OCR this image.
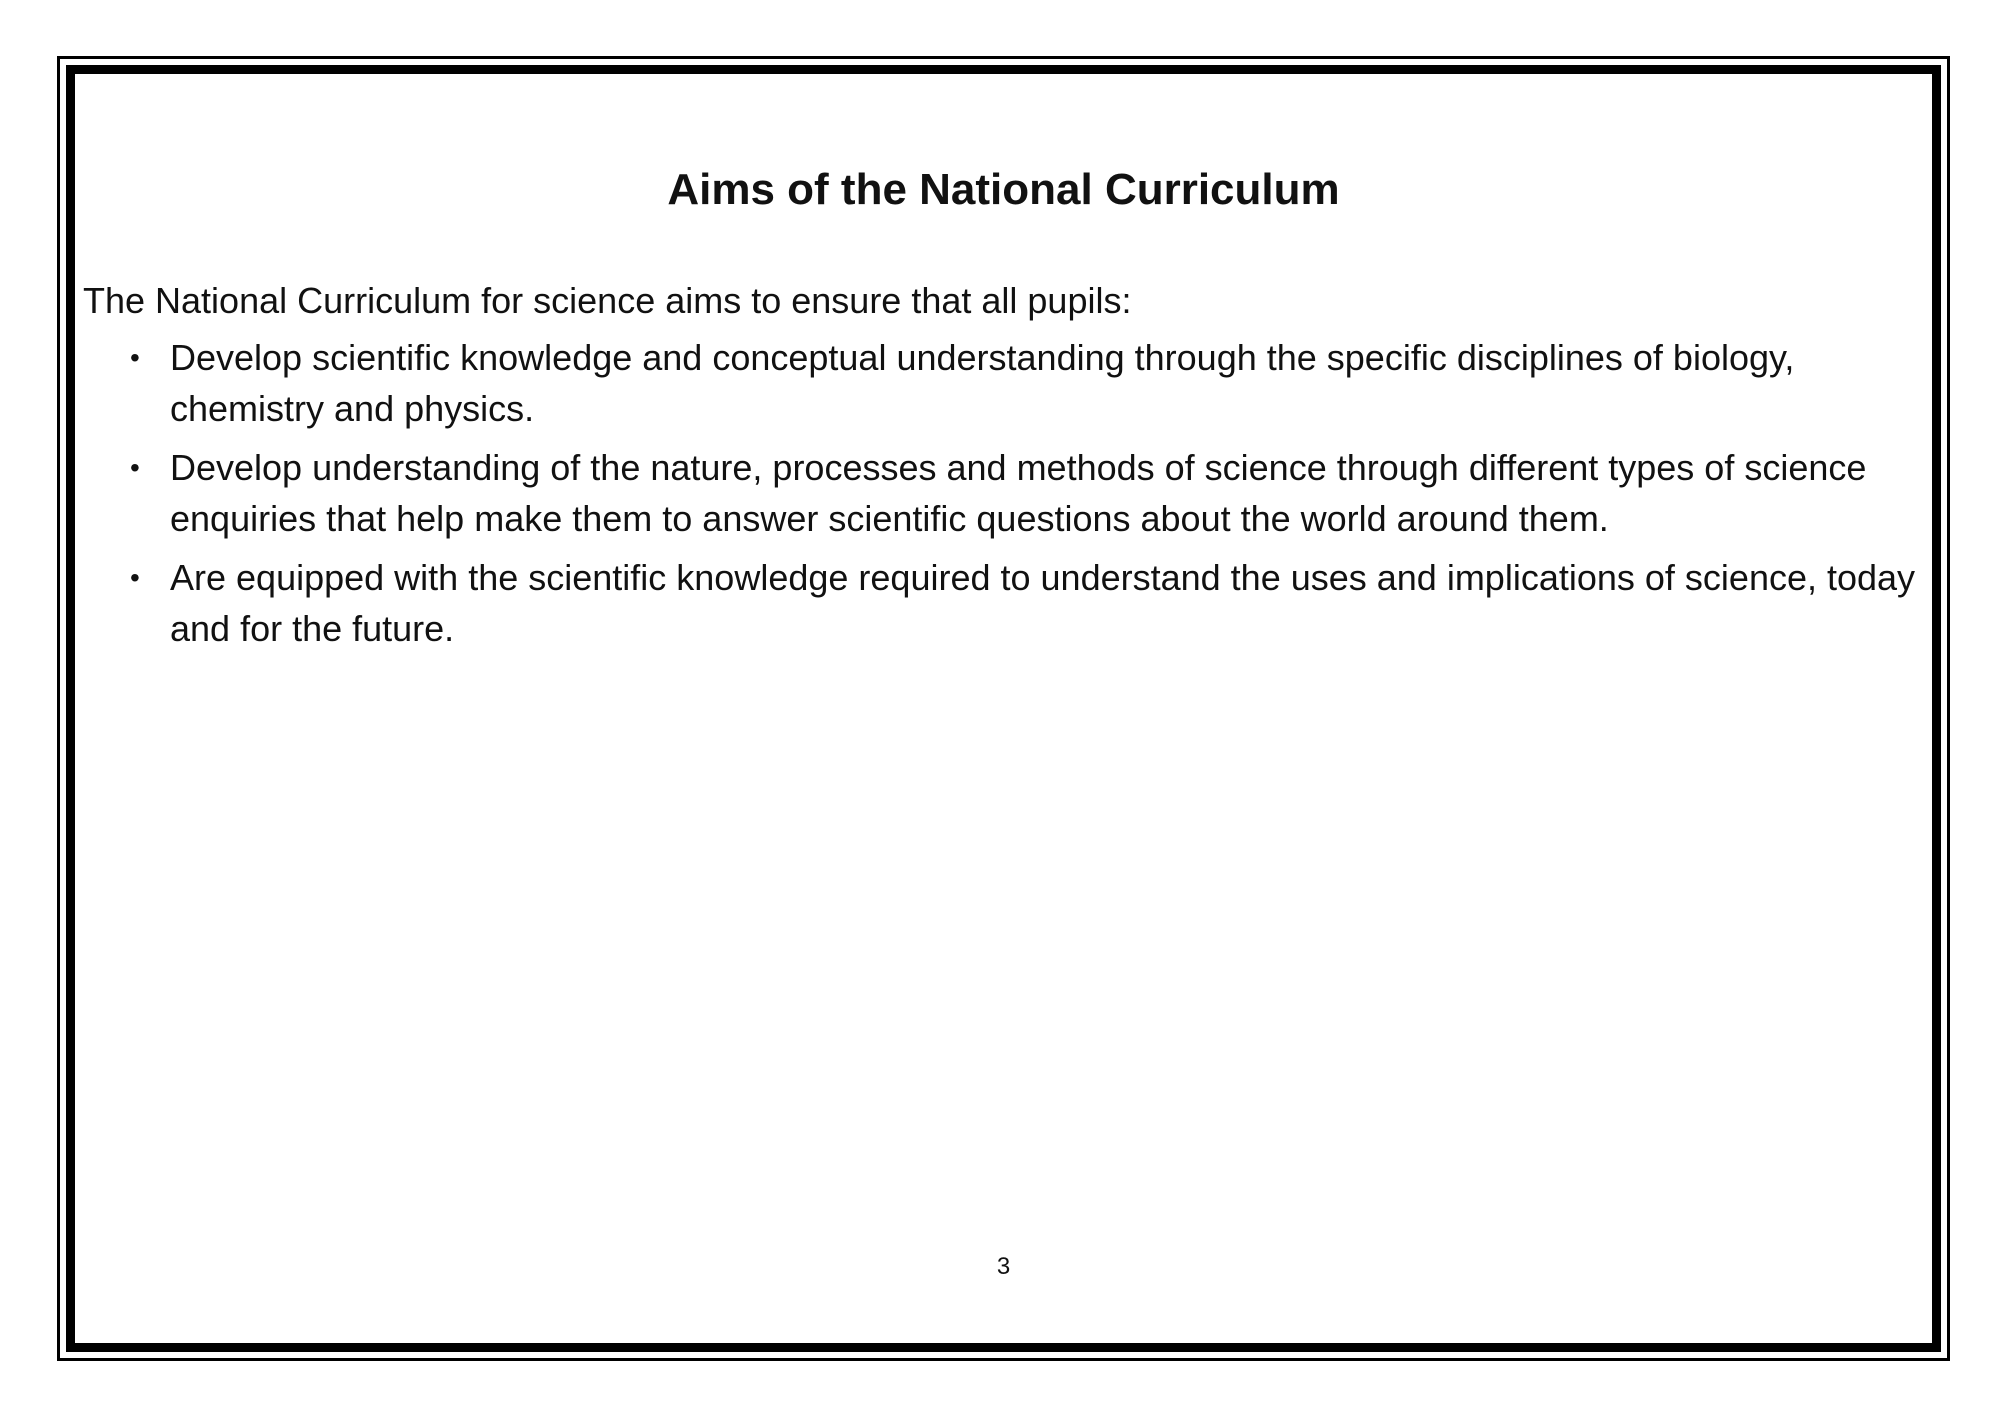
Aims of the National Curriculum

The National Curriculum for science aims to ensure that all pupils:

• Develop scientific knowledge and conceptual understanding through the specific disciplines of biology, chemistry and physics.
• Develop understanding of the nature, processes and methods of science through different types of science enquiries that help make them to answer scientific questions about the world around them.
• Are equipped with the scientific knowledge required to understand the uses and implications of science, today and for the future.
3
